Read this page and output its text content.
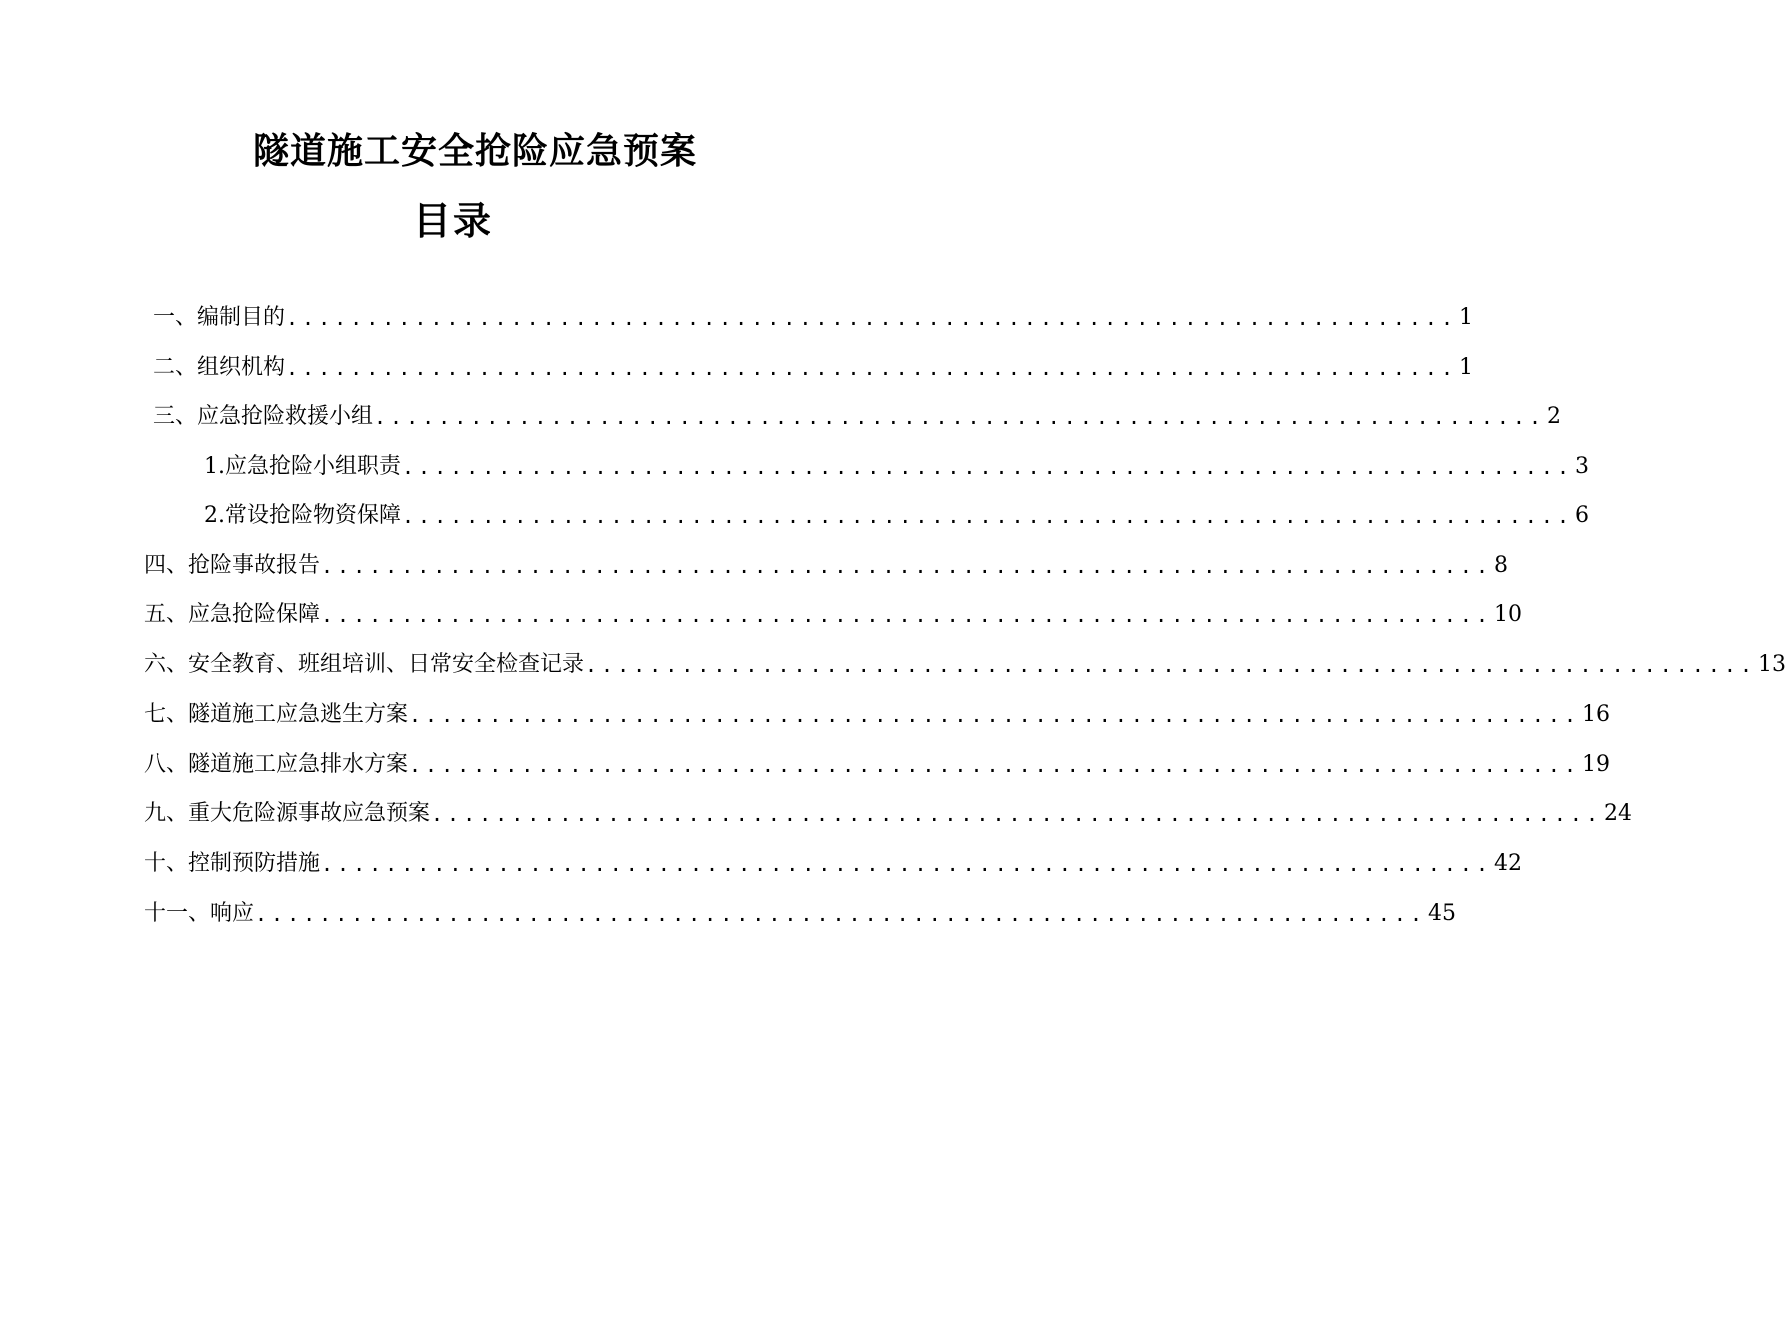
隧道施工安全抢险应急预案
目录
一、编制目的 ......................................................................... 1
二、组织机构 ......................................................................... 1
三、应急抢险救援小组 ......................................................................... 2
1.应急抢险小组职责 ......................................................................... 3
2.常设抢险物资保障 ......................................................................... 6
四、抢险事故报告 ......................................................................... 8
五、应急抢险保障 ......................................................................... 10
六、安全教育、班组培训、日常安全检查记录 ......................................................................... 13
七、隧道施工应急逃生方案 ......................................................................... 16
八、隧道施工应急排水方案 ......................................................................... 19
九、重大危险源事故应急预案 ......................................................................... 24
十、控制预防措施 ......................................................................... 42
十一、响应 ......................................................................... 45
